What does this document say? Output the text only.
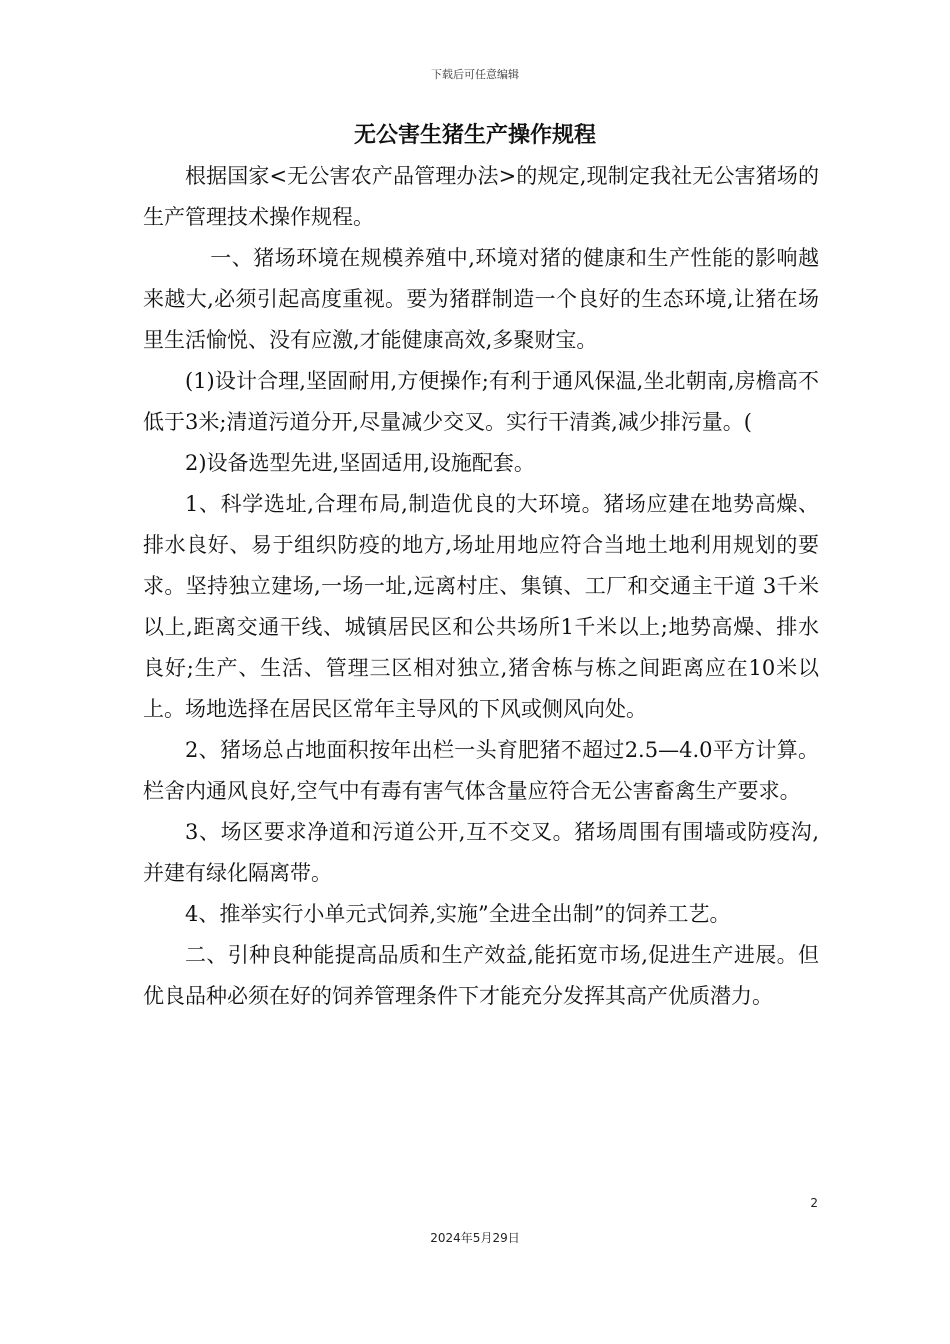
下载后可任意编辑
无公害生猪生产操作规程

根据国家<无公害农产品管理办法>的规定,现制定我社无公害猪场的生产管理技术操作规程。

一、猪场环境在规模养殖中,环境对猪的健康和生产性能的影响越来越大,必须引起高度重视。要为猪群制造一个良好的生态环境,让猪在场里生活愉悦、没有应激,才能健康高效,多聚财宝。

(1)设计合理,坚固耐用,方便操作;有利于通风保温,坐北朝南,房檐高不低于3米;清道污道分开,尽量减少交叉。实行干清粪,减少排污量。(

2)设备选型先进,坚固适用,设施配套。

1、科学选址,合理布局,制造优良的大环境。猪场应建在地势高燥、排水良好、易于组织防疫的地方,场址用地应符合当地土地利用规划的要求。坚持独立建场,一场一址,远离村庄、集镇、工厂和交通主干道 3千米以上,距离交通干线、城镇居民区和公共场所1千米以上;地势高燥、排水良好;生产、生活、管理三区相对独立,猪舍栋与栋之间距离应在10米以上。场地选择在居民区常年主导风的下风或侧风向处。

2、猪场总占地面积按年出栏一头育肥猪不超过2.5—4.0平方计算。栏舍内通风良好,空气中有毒有害气体含量应符合无公害畜禽生产要求。

3、场区要求净道和污道公开,互不交叉。猪场周围有围墙或防疫沟,并建有绿化隔离带。

4、推举实行小单元式饲养,实施”全进全出制”的饲养工艺。

二、引种良种能提高品质和生产效益,能拓宽市场,促进生产进展。但优良品种必须在好的饲养管理条件下才能充分发挥其高产优质潜力。

2
2024年5月29日
